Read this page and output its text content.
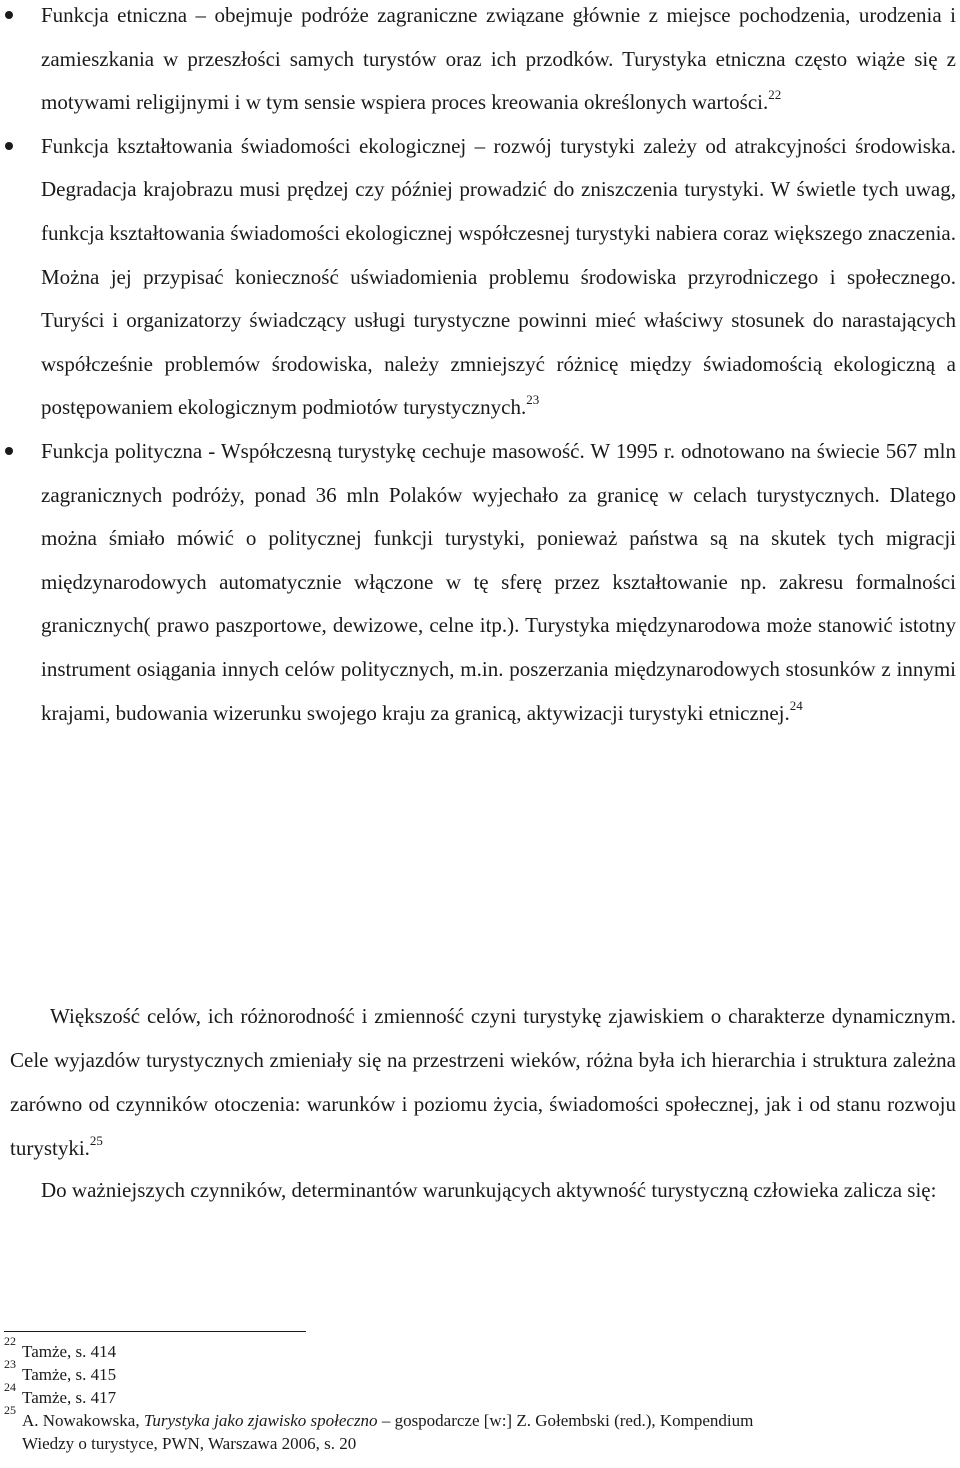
Funkcja etniczna – obejmuje podróże zagraniczne związane głównie z miejsce pochodzenia, urodzenia i zamieszkania w przeszłości samych turystów oraz ich przodków. Turystyka etniczna często wiąże się z motywami religijnymi i w tym sensie wspiera proces kreowania określonych wartości.$^{22}$
Funkcja kształtowania świadomości ekologicznej – rozwój turystyki zależy od atrakcyjności środowiska. Degradacja krajobrazu musi prędzej czy później prowadzić do zniszczenia turystyki. W świetle tych uwag, funkcja kształtowania świadomości ekologicznej współczesnej turystyki nabiera coraz większego znaczenia. Można jej przypisać konieczność uświadomienia problemu środowiska przyrodniczego i społecznego. Turyści i organizatorzy świadczący usługi turystyczne powinni mieć właściwy stosunek do narastających współcześnie problemów środowiska, należy zmniejszyć różnicę między świadomością ekologiczną a postępowaniem ekologicznym podmiotów turystycznych.$^{23}$
Funkcja polityczna - Współczesną turystykę cechuje masowość. W 1995 r. odnotowano na świecie 567 mln zagranicznych podróży, ponad 36 mln Polaków wyjechało za granicę w celach turystycznych. Dlatego można śmiało mówić o politycznej funkcji turystyki, ponieważ państwa są na skutek tych migracji międzynarodowych automatycznie włączone w tę sferę przez kształtowanie np. zakresu formalności granicznych( prawo paszportowe, dewizowe, celne itp.). Turystyka międzynarodowa może stanowić istotny instrument osiągania innych celów politycznych, m.in. poszerzania międzynarodowych stosunków z innymi krajami, budowania wizerunku swojego kraju za granicą, aktywizacji turystyki etnicznej.$^{24}$

Większość celów, ich różnorodność i zmienność czyni turystykę zjawiskiem o charakterze dynamicznym. Cele wyjazdów turystycznych zmieniały się na przestrzeni wieków, różna była ich hierarchia i struktura zależna zarówno od czynników otoczenia: warunków i poziomu życia, świadomości społecznej, jak i od stanu rozwoju turystyki.$^{25}$

Do ważniejszych czynników, determinantów warunkujących aktywność turystyczną człowieka zalicza się:

22
Tamże, s. 414
23
Tamże, s. 415
24
Tamże, s. 417
25
A. Nowakowska, Turystyka jako zjawisko społeczno – gospodarcze [w:] Z. Gołembski (red.), Kompendium
Wiedzy o turystyce, PWN, Warszawa 2006, s. 20
